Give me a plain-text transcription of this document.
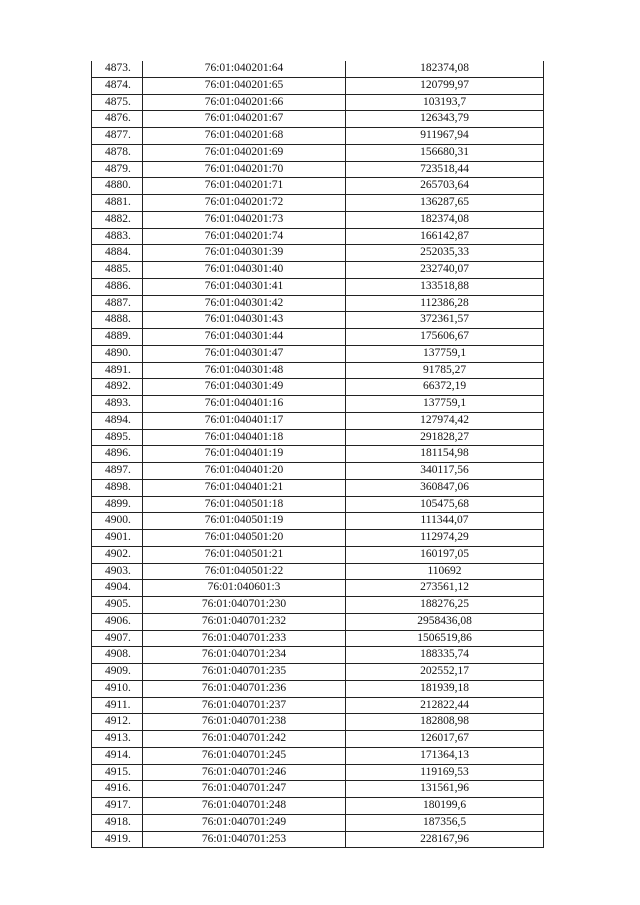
4873.	76:01:040201:64	182374,08
4874.	76:01:040201:65	120799,97
4875.	76:01:040201:66	103193,7
4876.	76:01:040201:67	126343,79
4877.	76:01:040201:68	911967,94
4878.	76:01:040201:69	156680,31
4879.	76:01:040201:70	723518,44
4880.	76:01:040201:71	265703,64
4881.	76:01:040201:72	136287,65
4882.	76:01:040201:73	182374,08
4883.	76:01:040201:74	166142,87
4884.	76:01:040301:39	252035,33
4885.	76:01:040301:40	232740,07
4886.	76:01:040301:41	133518,88
4887.	76:01:040301:42	112386,28
4888.	76:01:040301:43	372361,57
4889.	76:01:040301:44	175606,67
4890.	76:01:040301:47	137759,1
4891.	76:01:040301:48	91785,27
4892.	76:01:040301:49	66372,19
4893.	76:01:040401:16	137759,1
4894.	76:01:040401:17	127974,42
4895.	76:01:040401:18	291828,27
4896.	76:01:040401:19	181154,98
4897.	76:01:040401:20	340117,56
4898.	76:01:040401:21	360847,06
4899.	76:01:040501:18	105475,68
4900.	76:01:040501:19	111344,07
4901.	76:01:040501:20	112974,29
4902.	76:01:040501:21	160197,05
4903.	76:01:040501:22	110692
4904.	76:01:040601:3	273561,12
4905.	76:01:040701:230	188276,25
4906.	76:01:040701:232	2958436,08
4907.	76:01:040701:233	1506519,86
4908.	76:01:040701:234	188335,74
4909.	76:01:040701:235	202552,17
4910.	76:01:040701:236	181939,18
4911.	76:01:040701:237	212822,44
4912.	76:01:040701:238	182808,98
4913.	76:01:040701:242	126017,67
4914.	76:01:040701:245	171364,13
4915.	76:01:040701:246	119169,53
4916.	76:01:040701:247	131561,96
4917.	76:01:040701:248	180199,6
4918.	76:01:040701:249	187356,5
4919.	76:01:040701:253	228167,96
